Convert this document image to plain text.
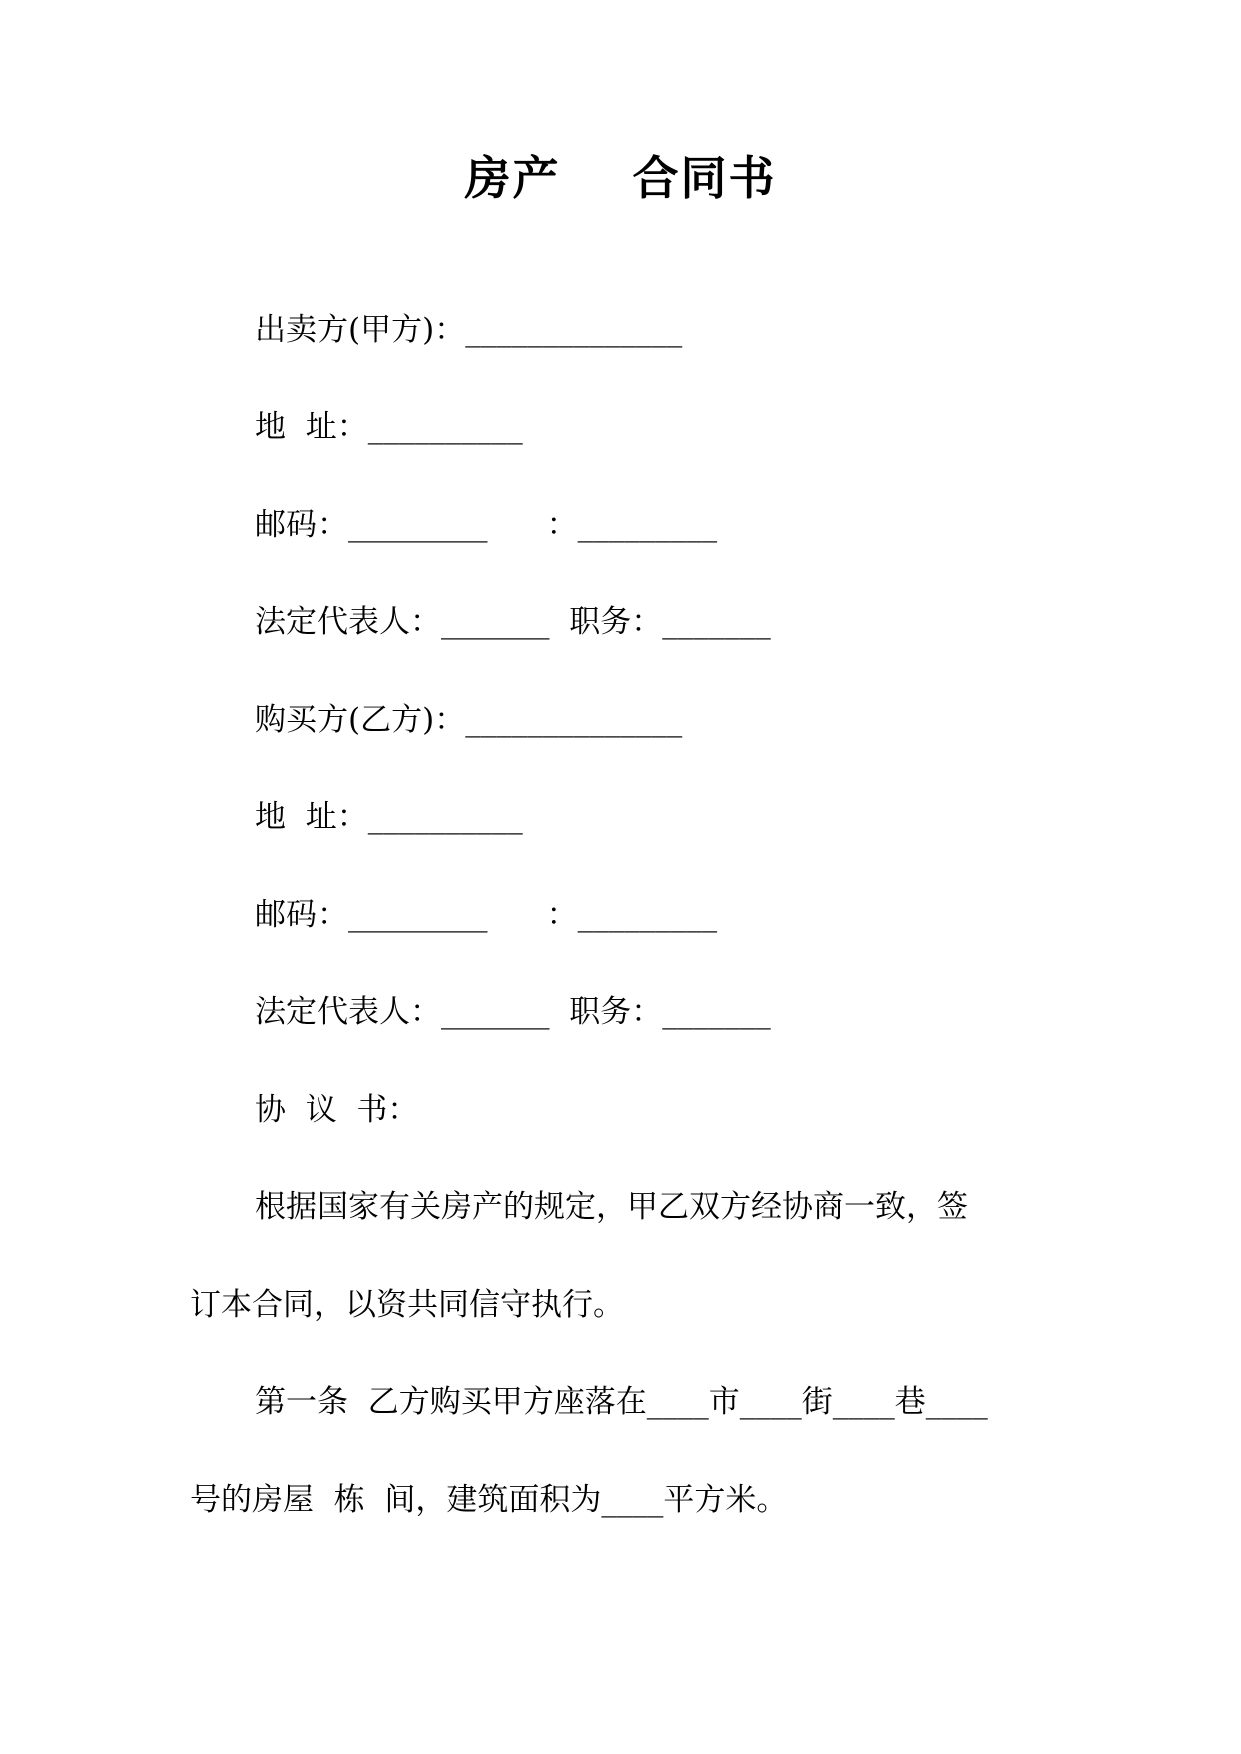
房产    合同书
出卖方(甲方)：______________
地  址：__________
邮码：_________      ：_________
法定代表人：_______  职务：_______
购买方(乙方)：______________
地  址：__________
邮码：_________      ：_________
法定代表人：_______  职务：_______
协  议  书：
根据国家有关房产的规定，甲乙双方经协商一致，签
订本合同，以资共同信守执行。
第一条  乙方购买甲方座落在____市____街____巷____
号的房屋  栋  间，建筑面积为____平方米。
